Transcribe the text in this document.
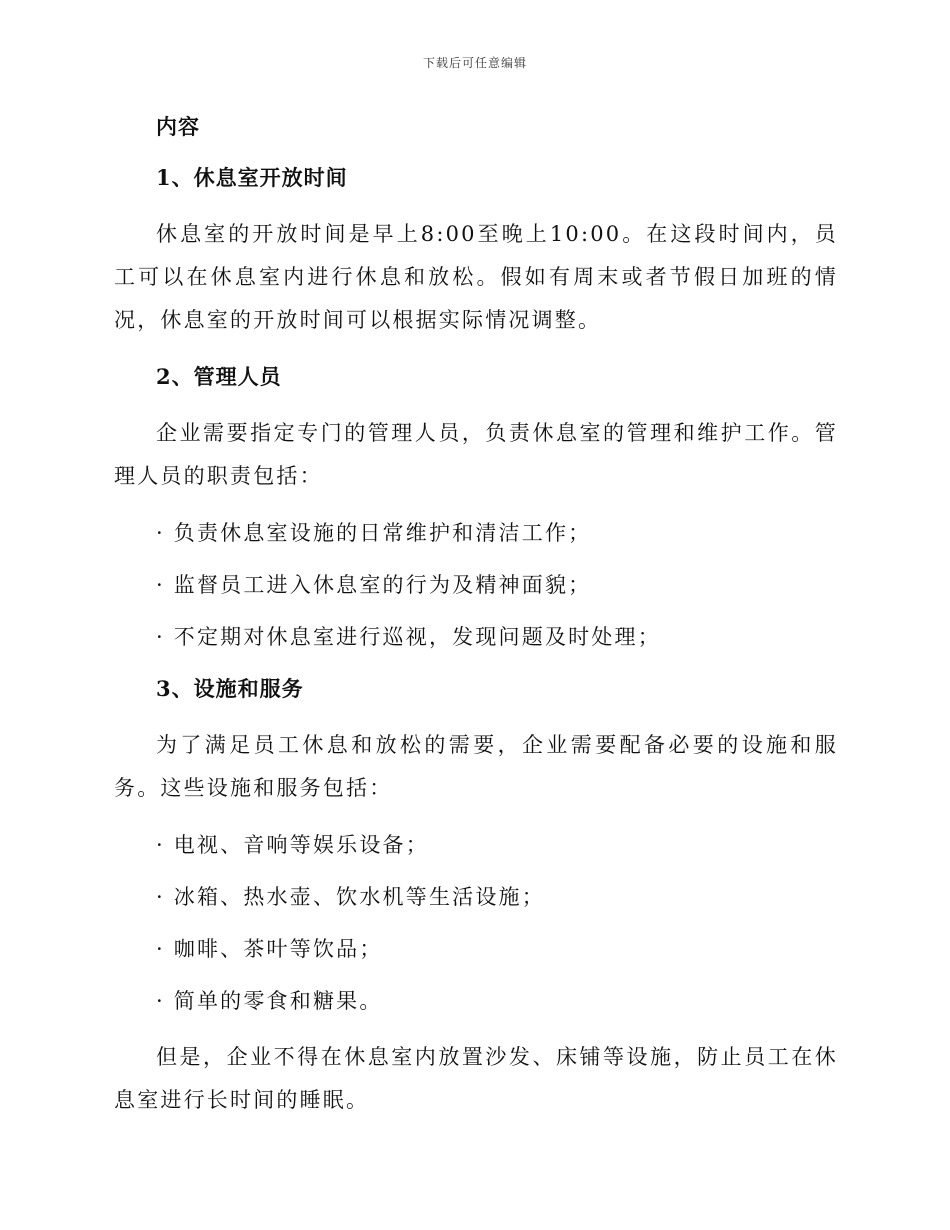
下载后可任意编辑

内容

1、休息室开放时间

休息室的开放时间是早上8:00至晚上10:00。在这段时间内，员工可以在休息室内进行休息和放松。假如有周末或者节假日加班的情况，休息室的开放时间可以根据实际情况调整。

2、管理人员

企业需要指定专门的管理人员，负责休息室的管理和维护工作。管理人员的职责包括：

· 负责休息室设施的日常维护和清洁工作；

· 监督员工进入休息室的行为及精神面貌；

· 不定期对休息室进行巡视，发现问题及时处理；

3、设施和服务

为了满足员工休息和放松的需要，企业需要配备必要的设施和服务。这些设施和服务包括：

· 电视、音响等娱乐设备；

· 冰箱、热水壶、饮水机等生活设施；

· 咖啡、茶叶等饮品；

· 简单的零食和糖果。

但是，企业不得在休息室内放置沙发、床铺等设施，防止员工在休息室进行长时间的睡眠。
